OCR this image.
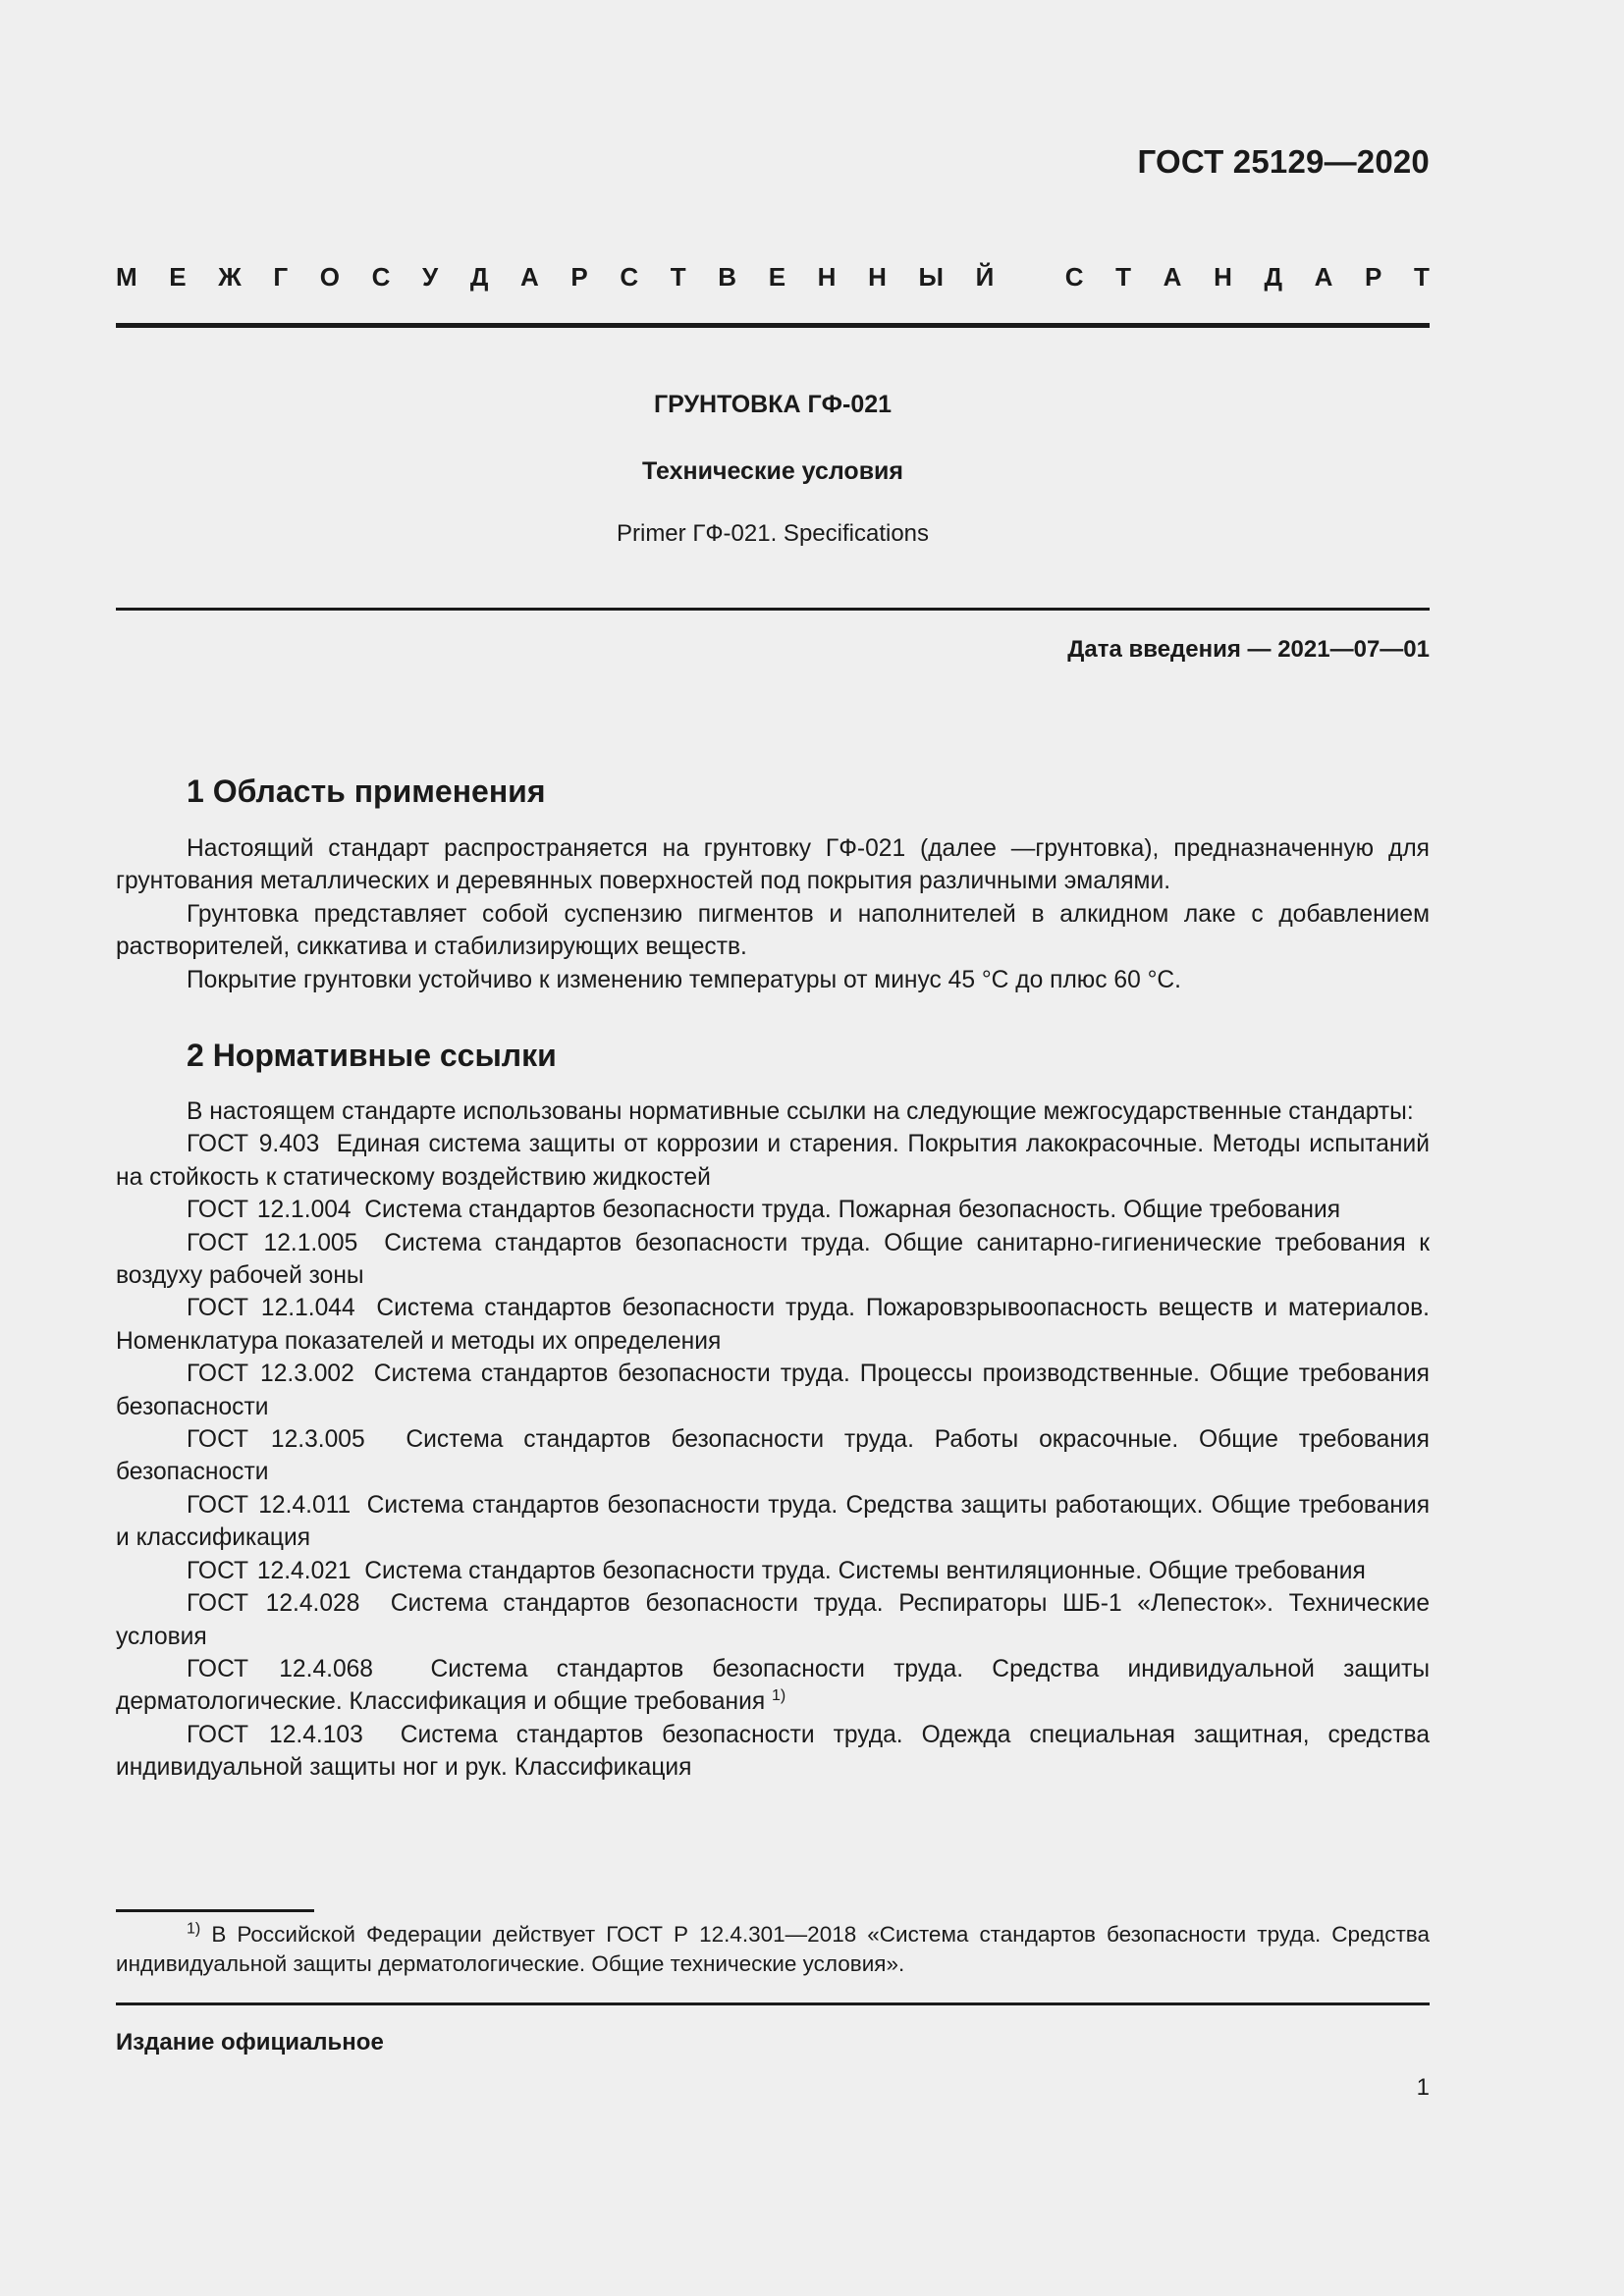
ГОСТ 25129—2020
М Е Ж Г О С У Д А Р С Т В Е Н Н Ы Й
	С Т А Н Д А Р Т
ГРУНТОВКА ГФ-021
Технические условия
Primer ГФ-021. Specifications
Дата введения — 2021—07—01
1 Область применения

Настоящий стандарт распространяется на грунтовку ГФ-021 (далее —грунтовка), предназначенную для грунтования металлических и деревянных поверхностей под покрытия различными эмалями.

Грунтовка представляет собой суспензию пигментов и наполнителей в алкидном лаке с добавлением растворителей, сиккатива и стабилизирующих веществ.

Покрытие грунтовки устойчиво к изменению температуры от минус 45 °С до плюс 60 °С.

2 Нормативные ссылки

В настоящем стандарте использованы нормативные ссылки на следующие межгосударственные стандарты:

ГОСТ 9.403 Единая система защиты от коррозии и старения. Покрытия лакокрасочные. Методы испытаний на стойкость к статическому воздействию жидкостей

ГОСТ 12.1.004 Система стандартов безопасности труда. Пожарная безопасность. Общие требования

ГОСТ 12.1.005 Система стандартов безопасности труда. Общие санитарно-гигиенические требования к воздуху рабочей зоны

ГОСТ 12.1.044 Система стандартов безопасности труда. Пожаровзрывоопасность веществ и материалов. Номенклатура показателей и методы их определения

ГОСТ 12.3.002 Система стандартов безопасности труда. Процессы производственные. Общие требования безопасности

ГОСТ 12.3.005 Система стандартов безопасности труда. Работы окрасочные. Общие требования безопасности

ГОСТ 12.4.011 Система стандартов безопасности труда. Средства защиты работающих. Общие требования и классификация

ГОСТ 12.4.021 Система стандартов безопасности труда. Системы вентиляционные. Общие требования

ГОСТ 12.4.028 Система стандартов безопасности труда. Респираторы ШБ-1 «Лепесток». Технические условия

ГОСТ 12.4.068 Система стандартов безопасности труда. Средства индивидуальной защиты дерматологические. Классификация и общие требования $^{1)}$

ГОСТ 12.4.103 Система стандартов безопасности труда. Одежда специальная защитная, средства индивидуальной защиты ног и рук. Классификация

$^{1)}$ В Российской Федерации действует ГОСТ Р 12.4.301—2018 «Система стандартов безопасности труда. Средства индивидуальной защиты дерматологические. Общие технические условия».
Издание официальное
1
